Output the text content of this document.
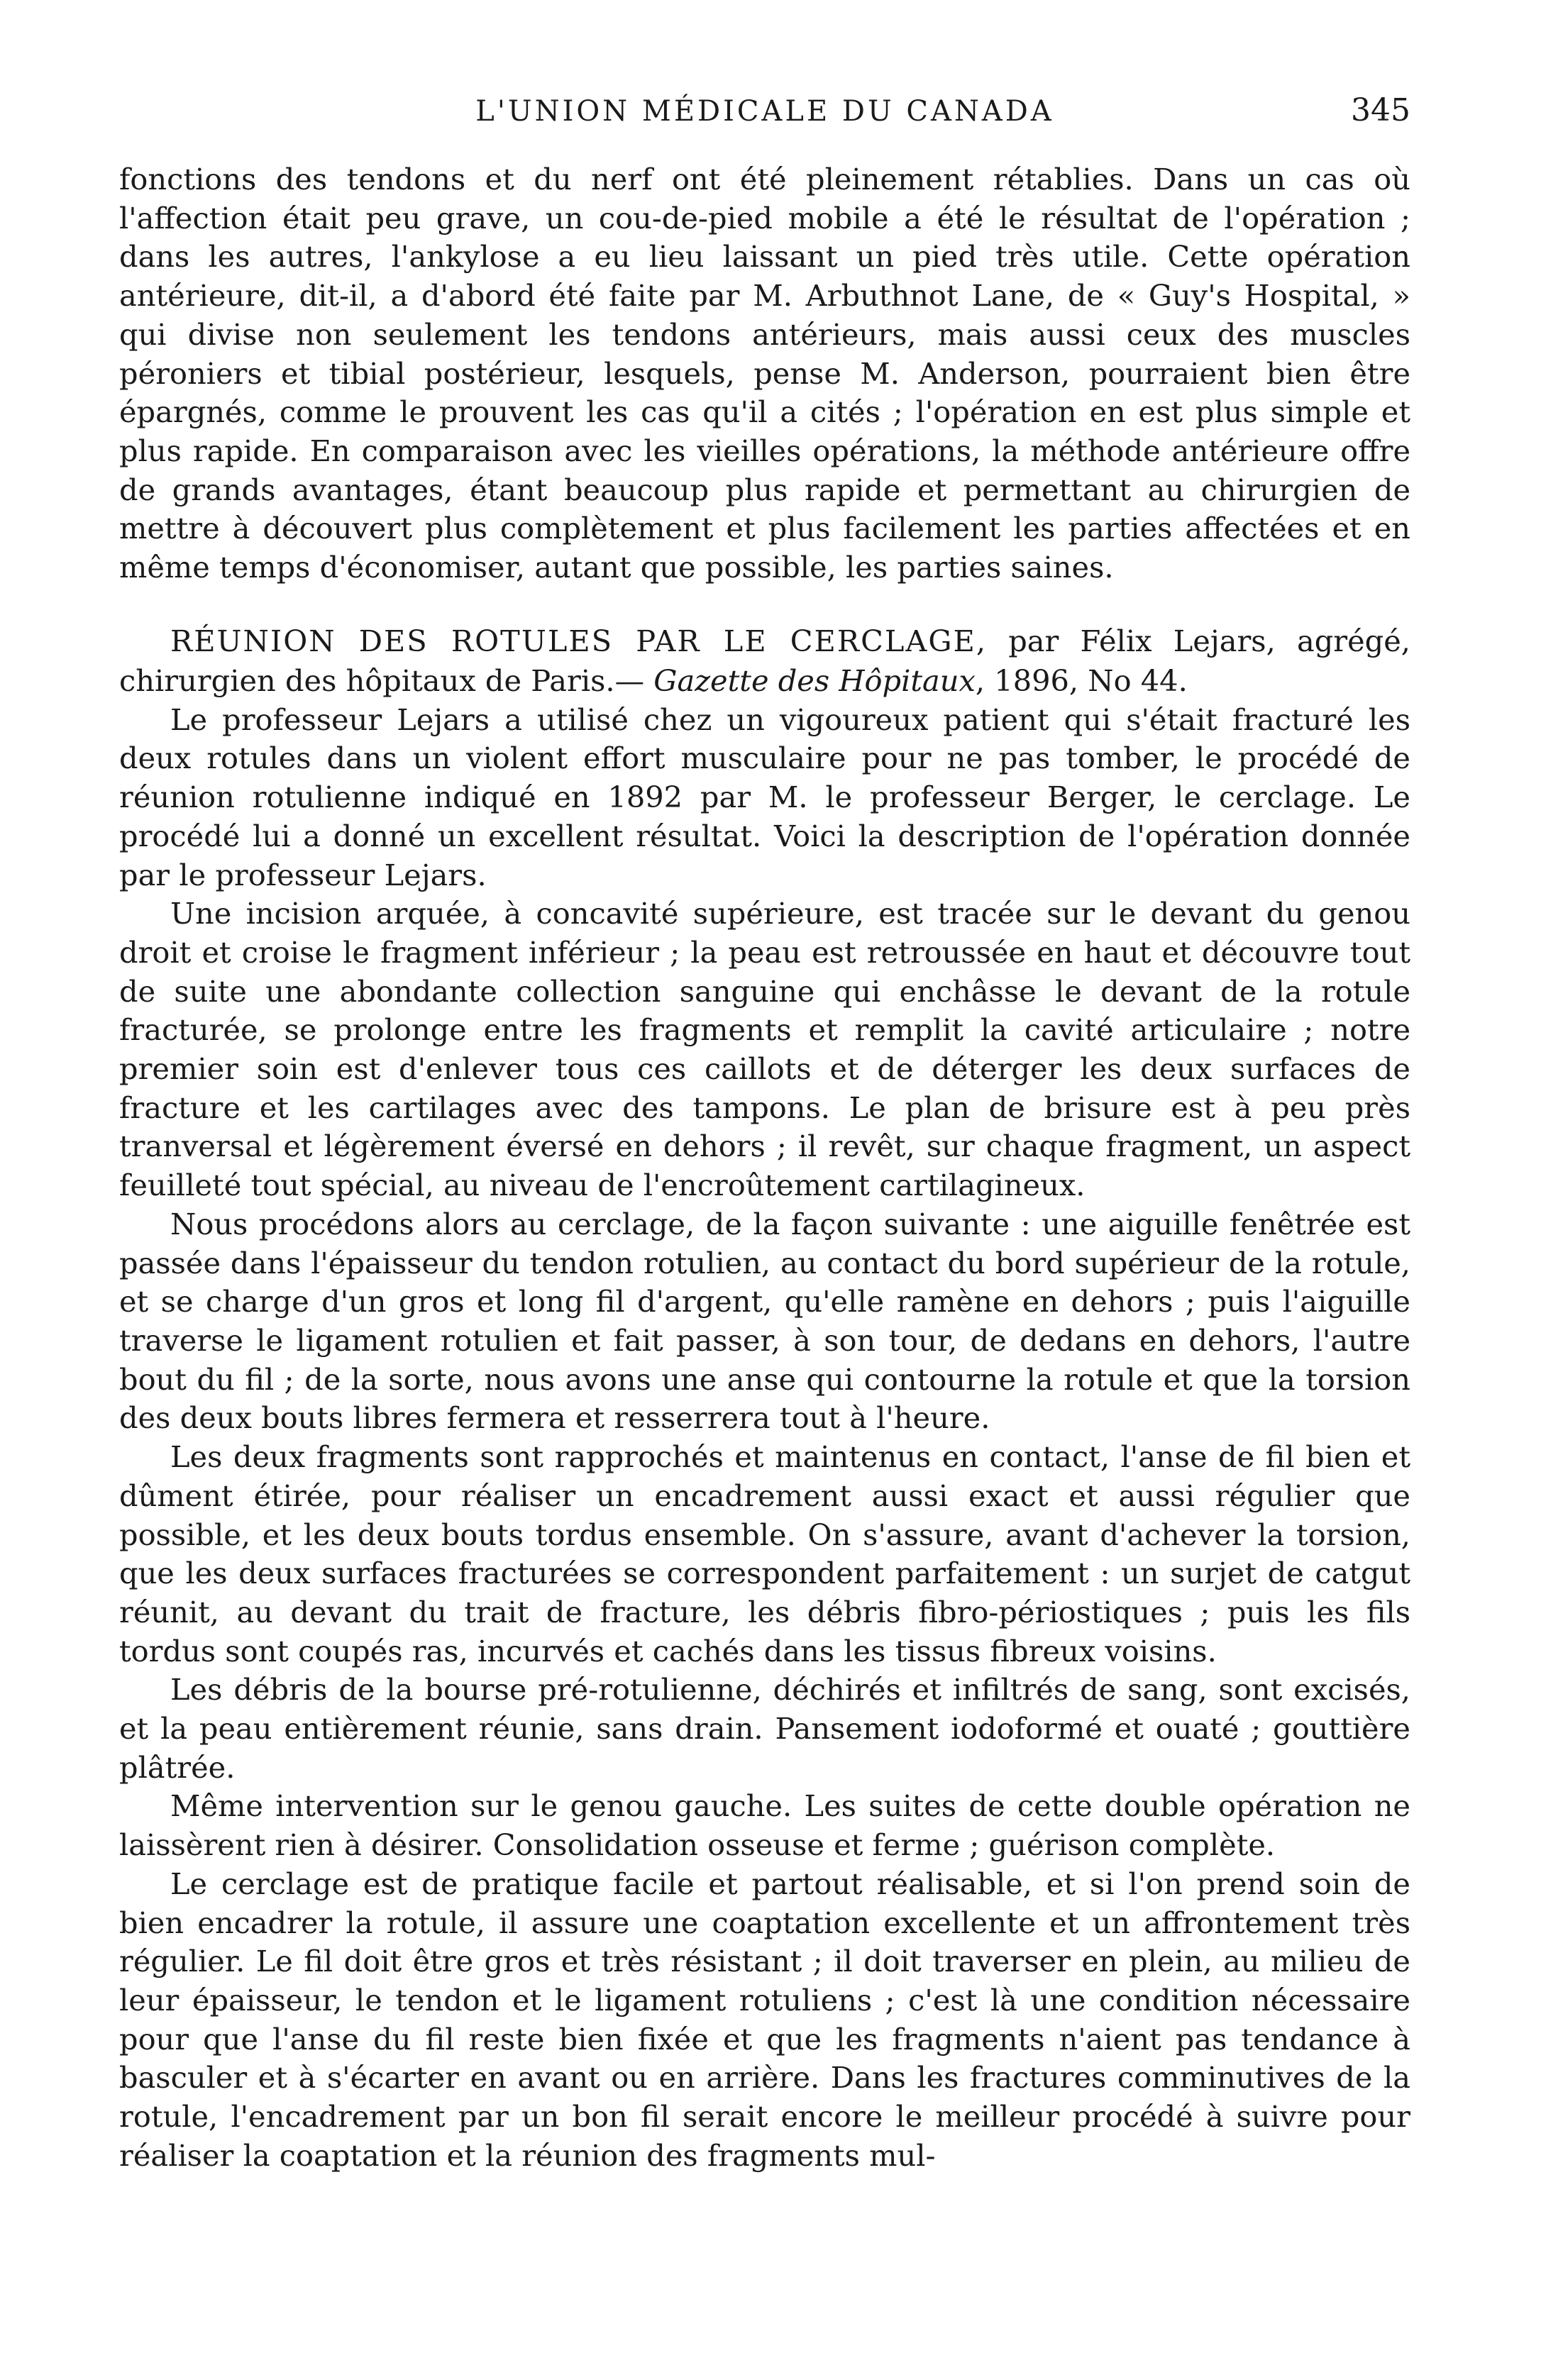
L'UNION MÉDICALE DU CANADA	345

fonctions des tendons et du nerf ont été pleinement rétablies. Dans un cas où l'affection était peu grave, un cou-de-pied mobile a été le résultat de l'opération ; dans les autres, l'ankylose a eu lieu laissant un pied très utile. Cette opération antérieure, dit-il, a d'abord été faite par M. Arbuthnot Lane, de « Guy's Hospital, » qui divise non seulement les tendons antérieurs, mais aussi ceux des muscles péroniers et tibial postérieur, lesquels, pense M. Anderson, pourraient bien être épargnés, comme le prouvent les cas qu'il a cités ; l'opération en est plus simple et plus rapide. En comparaison avec les vieilles opérations, la méthode antérieure offre de grands avantages, étant beaucoup plus rapide et permettant au chirurgien de mettre à découvert plus complètement et plus facilement les parties affectées et en même temps d'économiser, autant que possible, les parties saines.

RÉUNION DES ROTULES PAR LE CERCLAGE, par Félix Lejars, agrégé, chirurgien des hôpitaux de Paris.— Gazette des Hôpitaux, 1896, No 44.

Le professeur Lejars a utilisé chez un vigoureux patient qui s'était fracturé les deux rotules dans un violent effort musculaire pour ne pas tomber, le procédé de réunion rotulienne indiqué en 1892 par M. le professeur Berger, le cerclage. Le procédé lui a donné un excellent résultat. Voici la description de l'opération donnée par le professeur Lejars.

Une incision arquée, à concavité supérieure, est tracée sur le devant du genou droit et croise le fragment inférieur ; la peau est retroussée en haut et découvre tout de suite une abondante collection sanguine qui enchâsse le devant de la rotule fracturée, se prolonge entre les fragments et remplit la cavité articulaire ; notre premier soin est d'enlever tous ces caillots et de déterger les deux surfaces de fracture et les cartilages avec des tampons. Le plan de brisure est à peu près tranversal et légèrement éversé en dehors ; il revêt, sur chaque fragment, un aspect feuilleté tout spécial, au niveau de l'encroûtement cartilagineux.

Nous procédons alors au cerclage, de la façon suivante : une aiguille fenêtrée est passée dans l'épaisseur du tendon rotulien, au contact du bord supérieur de la rotule, et se charge d'un gros et long fil d'argent, qu'elle ramène en dehors ; puis l'aiguille traverse le ligament rotulien et fait passer, à son tour, de dedans en dehors, l'autre bout du fil ; de la sorte, nous avons une anse qui contourne la rotule et que la torsion des deux bouts libres fermera et resserrera tout à l'heure.

Les deux fragments sont rapprochés et maintenus en contact, l'anse de fil bien et dûment étirée, pour réaliser un encadrement aussi exact et aussi régulier que possible, et les deux bouts tordus ensemble. On s'assure, avant d'achever la torsion, que les deux surfaces fracturées se correspondent parfaitement : un surjet de catgut réunit, au devant du trait de fracture, les débris fibro-périostiques ; puis les fils tordus sont coupés ras, incurvés et cachés dans les tissus fibreux voisins.

Les débris de la bourse pré-rotulienne, déchirés et infiltrés de sang, sont excisés, et la peau entièrement réunie, sans drain. Pansement iodoformé et ouaté ; gouttière plâtrée.

Même intervention sur le genou gauche. Les suites de cette double opération ne laissèrent rien à désirer. Consolidation osseuse et ferme ; guérison complète.

Le cerclage est de pratique facile et partout réalisable, et si l'on prend soin de bien encadrer la rotule, il assure une coaptation excellente et un affrontement très régulier. Le fil doit être gros et très résistant ; il doit traverser en plein, au milieu de leur épaisseur, le tendon et le ligament rotuliens ; c'est là une condition nécessaire pour que l'anse du fil reste bien fixée et que les fragments n'aient pas tendance à basculer et à s'écarter en avant ou en arrière. Dans les fractures comminutives de la rotule, l'encadrement par un bon fil serait encore le meilleur procédé à suivre pour réaliser la coaptation et la réunion des fragments mul-
